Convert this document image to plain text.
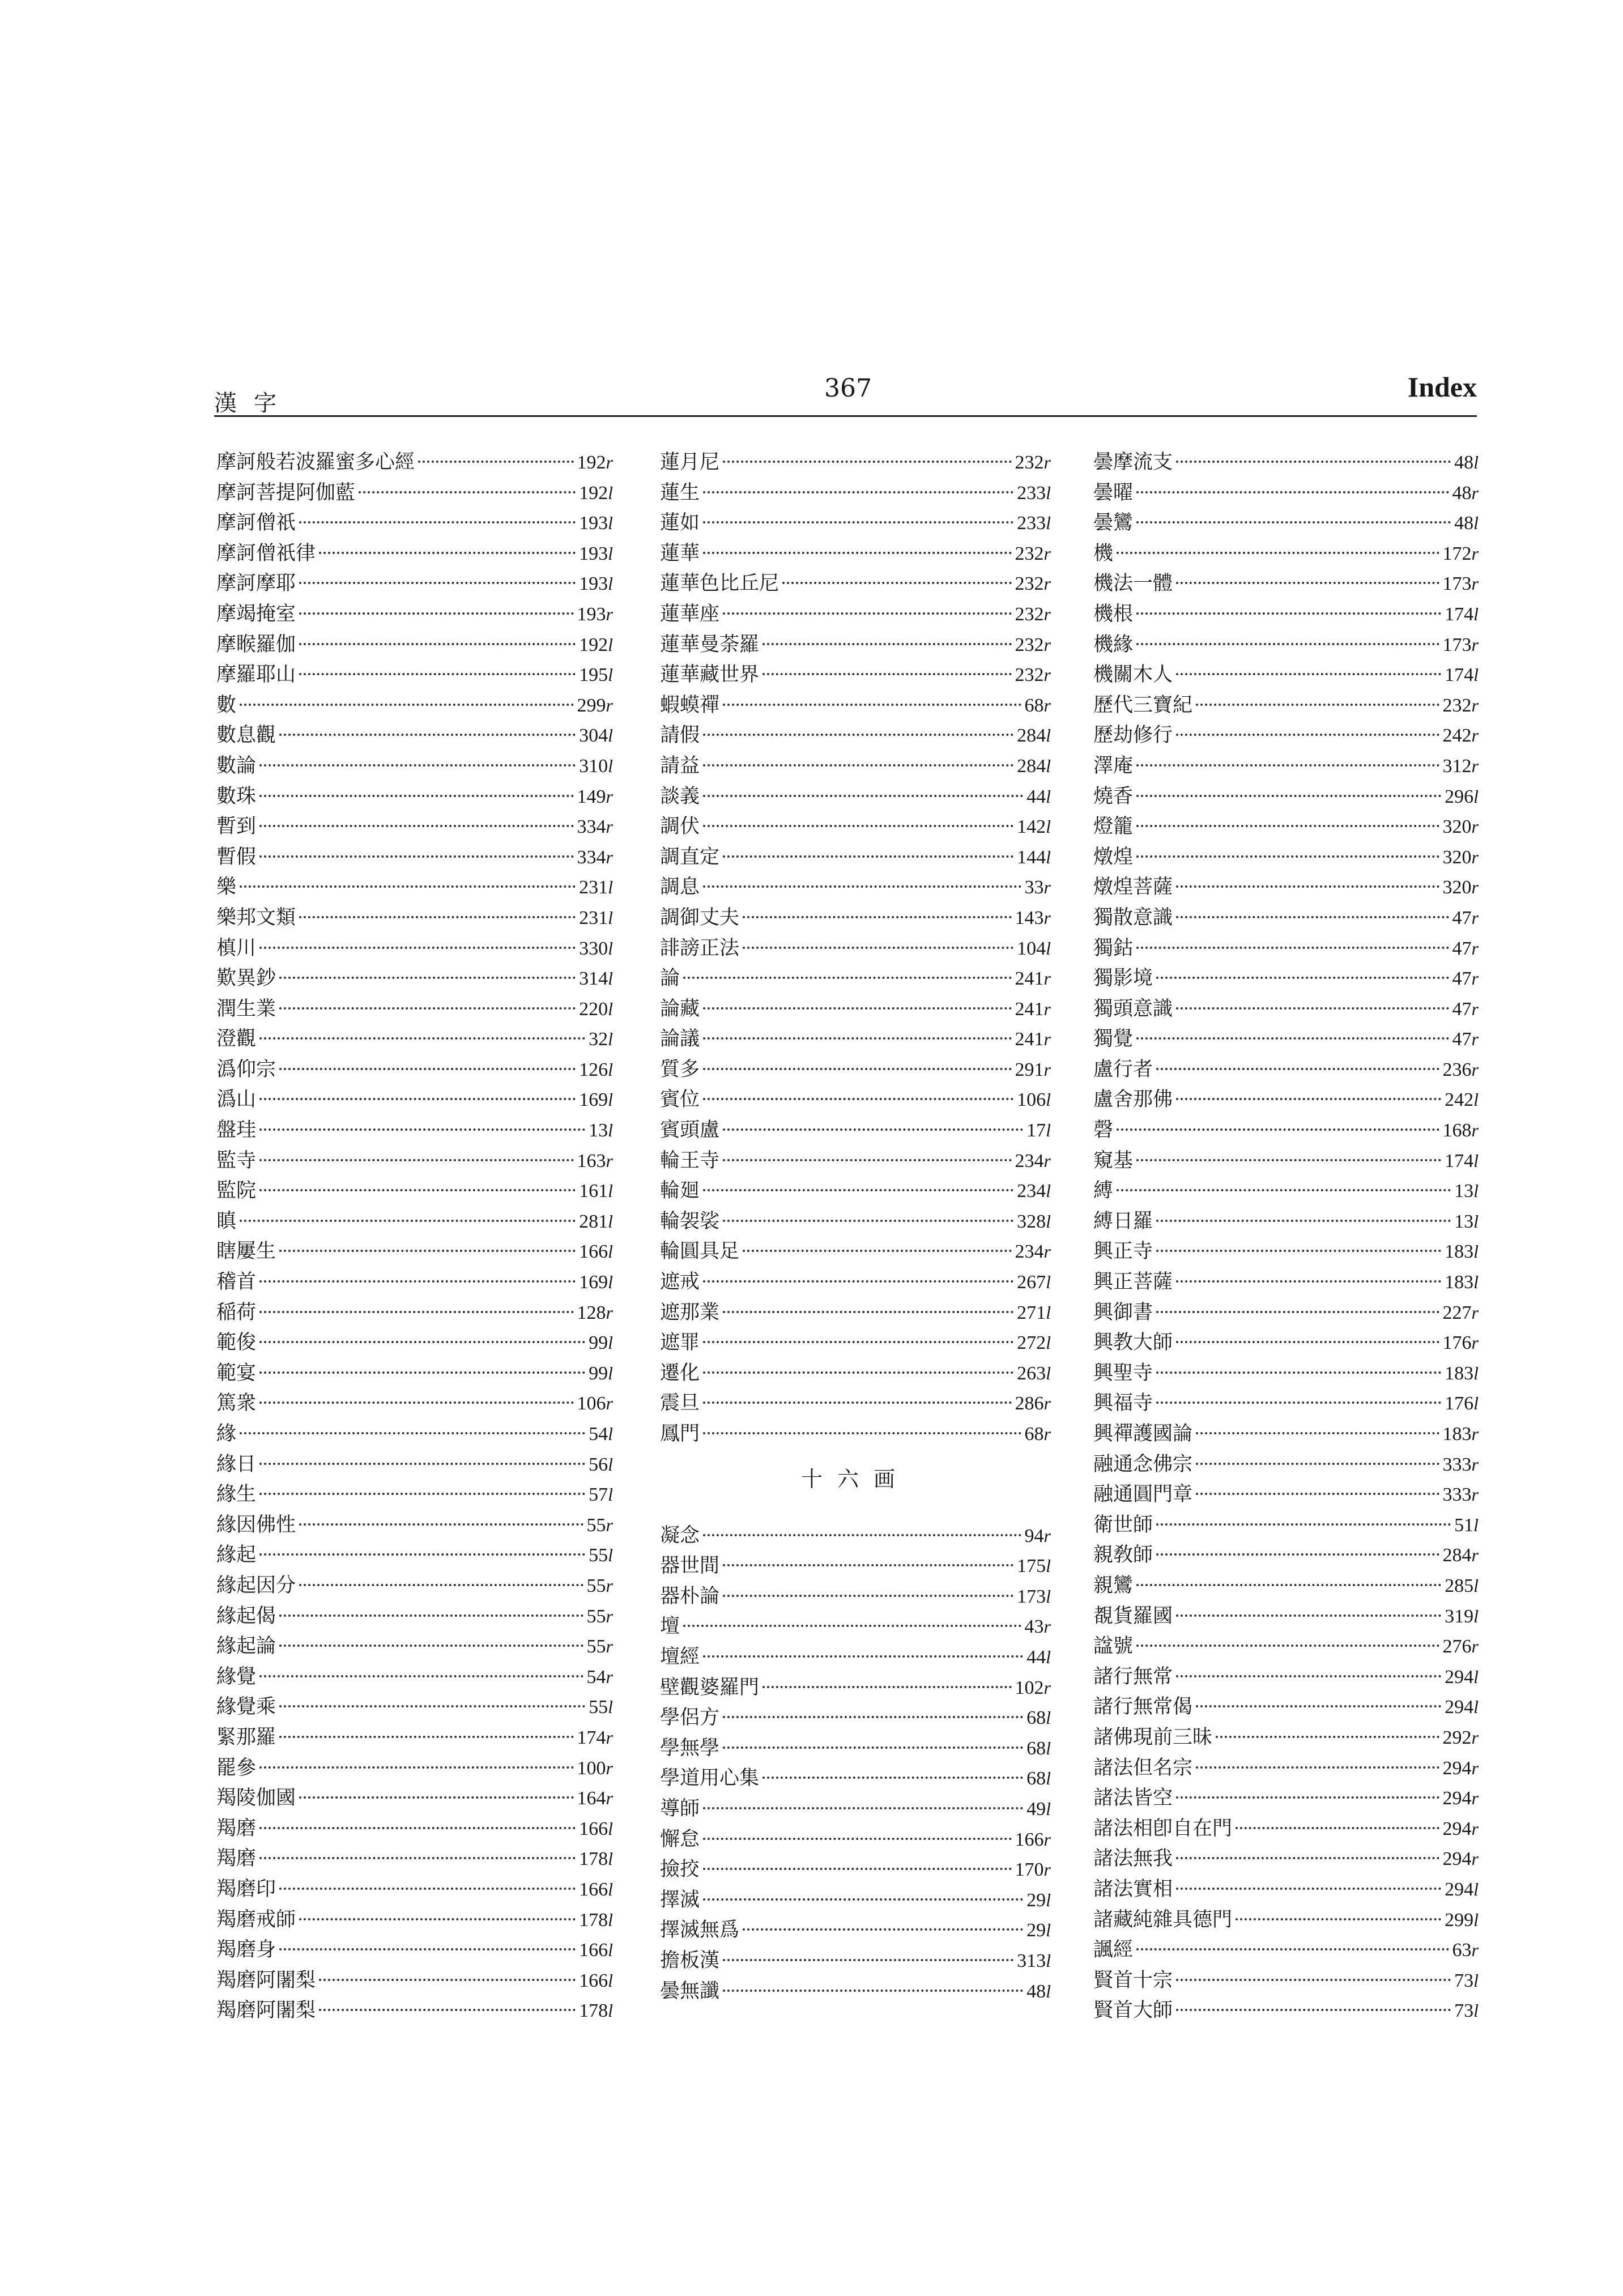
漢字
367	Index
摩訶般若波羅蜜多心經	192r
摩訶菩提阿伽藍	192l
摩訶僧祇	193l
摩訶僧祇律	193l
摩訶摩耶	193l
摩竭掩室	193r
摩睺羅伽	192l
摩羅耶山	195l
數	299r
數息觀	304l
數論	310l
數珠	149r
暫到	334r
暫假	334r
樂	231l
樂邦文類	231l
槙川	330l
歎異鈔	314l
潤生業	220l
澄觀	32l
潙仰宗	126l
潙山	169l
盤珪	13l
監寺	163r
監院	161l
瞋	281l
瞎屢生	166l
稽首	169l
稲荷	128r
範俊	99l
範宴	99l
篤衆	106r
緣	54l
緣日	56l
緣生	57l
緣因佛性	55r
緣起	55l
緣起因分	55r
緣起偈	55r
緣起論	55r
緣覺	54r
緣覺乘	55l
緊那羅	174r
罷參	100r
羯陵伽國	164r
羯磨	166l
羯磨	178l
羯磨印	166l
羯磨戒師	178l
羯磨身	166l
羯磨阿闍梨	166l
羯磨阿闍梨	178l
蓮月尼	232r
蓮生	233l
蓮如	233l
蓮華	232r
蓮華色比丘尼	232r
蓮華座	232r
蓮華曼荼羅	232r
蓮華藏世界	232r
蝦蟆禪	68r
請假	284l
請益	284l
談義	44l
調伏	142l
調直定	144l
調息	33r
調御丈夫	143r
誹謗正法	104l
論	241r
論藏	241r
論議	241r
質多	291r
賓位	106l
賓頭盧	17l
輪王寺	234r
輪廻	234l
輪袈裟	328l
輪圓具足	234r
遮戒	267l
遮那業	271l
遮罪	272l
遷化	263l
震旦	286r
鳳門	68r
十六画
凝念	94r
器世間	175l
器朴論	173l
壇	43r
壇經	44l
壁觀婆羅門	102r
學侶方	68l
學無學	68l
學道用心集	68l
導師	49l
懈怠	166r
撿挍	170r
擇滅	29l
擇滅無爲	29l
擔板漢	313l
曇無讖	48l
曇摩流支	48l
曇曜	48r
曇鸞	48l
機	172r
機法一體	173r
機根	174l
機緣	173r
機關木人	174l
歷代三寶紀	232r
歷劫修行	242r
澤庵	312r
燒香	296l
燈籠	320r
燉煌	320r
燉煌菩薩	320r
獨散意識	47r
獨鈷	47r
獨影境	47r
獨頭意識	47r
獨覺	47r
盧行者	236r
盧舍那佛	242l
磬	168r
窺基	174l
縛	13l
縛日羅	13l
興正寺	183l
興正菩薩	183l
興御書	227r
興教大師	176r
興聖寺	183l
興福寺	176l
興禪護國論	183r
融通念佛宗	333r
融通圓門章	333r
衛世師	51l
親敎師	284r
親鸞	285l
覩貨羅國	319l
諡號	276r
諸行無常	294l
諸行無常偈	294l
諸佛現前三昧	292r
諸法但名宗	294r
諸法皆空	294r
諸法相卽自在門	294r
諸法無我	294r
諸法實相	294l
諸藏純雜具德門	299l
諷經	63r
賢首十宗	73l
賢首大師	73l
